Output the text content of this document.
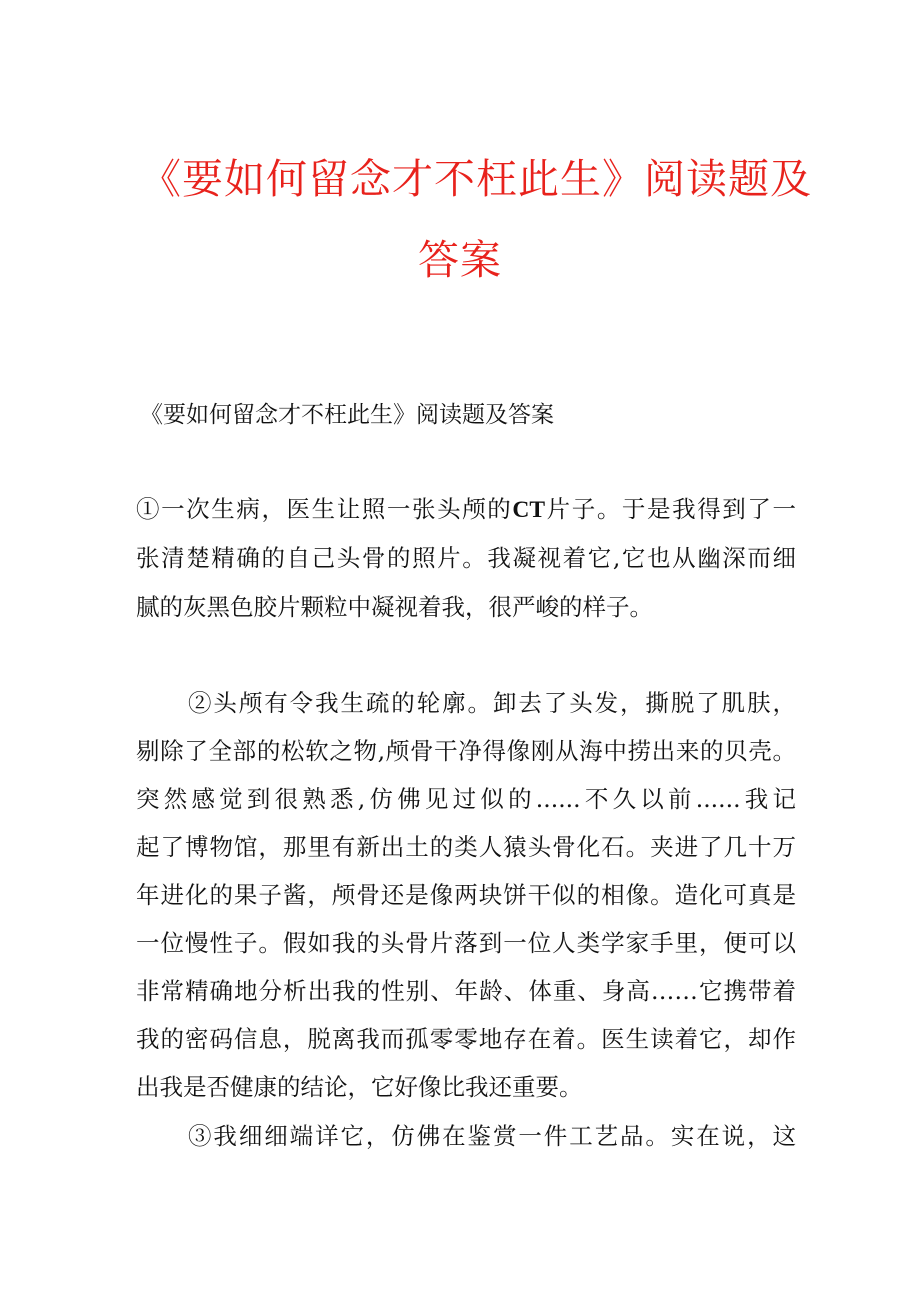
《要如何留念才不枉此生》阅读题及
答案
《要如何留念才不枉此生》阅读题及答案
①一次生病，医生让照一张头颅的CT片子。于是我得到了一
张清楚精确的自己头骨的照片。我凝视着它,它也从幽深而细
腻的灰黑色胶片颗粒中凝视着我，很严峻的样子。
②头颅有令我生疏的轮廓。卸去了头发，撕脱了肌肤，
剔除了全部的松软之物,颅骨干净得像刚从海中捞出来的贝壳。
突然感觉到很熟悉,仿佛见过似的......不久以前......我记
起了博物馆，那里有新出土的类人猿头骨化石。夹进了几十万
年进化的果子酱，颅骨还是像两块饼干似的相像。造化可真是
一位慢性子。假如我的头骨片落到一位人类学家手里，便可以
非常精确地分析出我的性别、年龄、体重、身高……它携带着
我的密码信息，脱离我而孤零零地存在着。医生读着它，却作
出我是否健康的结论，它好像比我还重要。
③我细细端详它，仿佛在鉴赏一件工艺品。实在说，这
